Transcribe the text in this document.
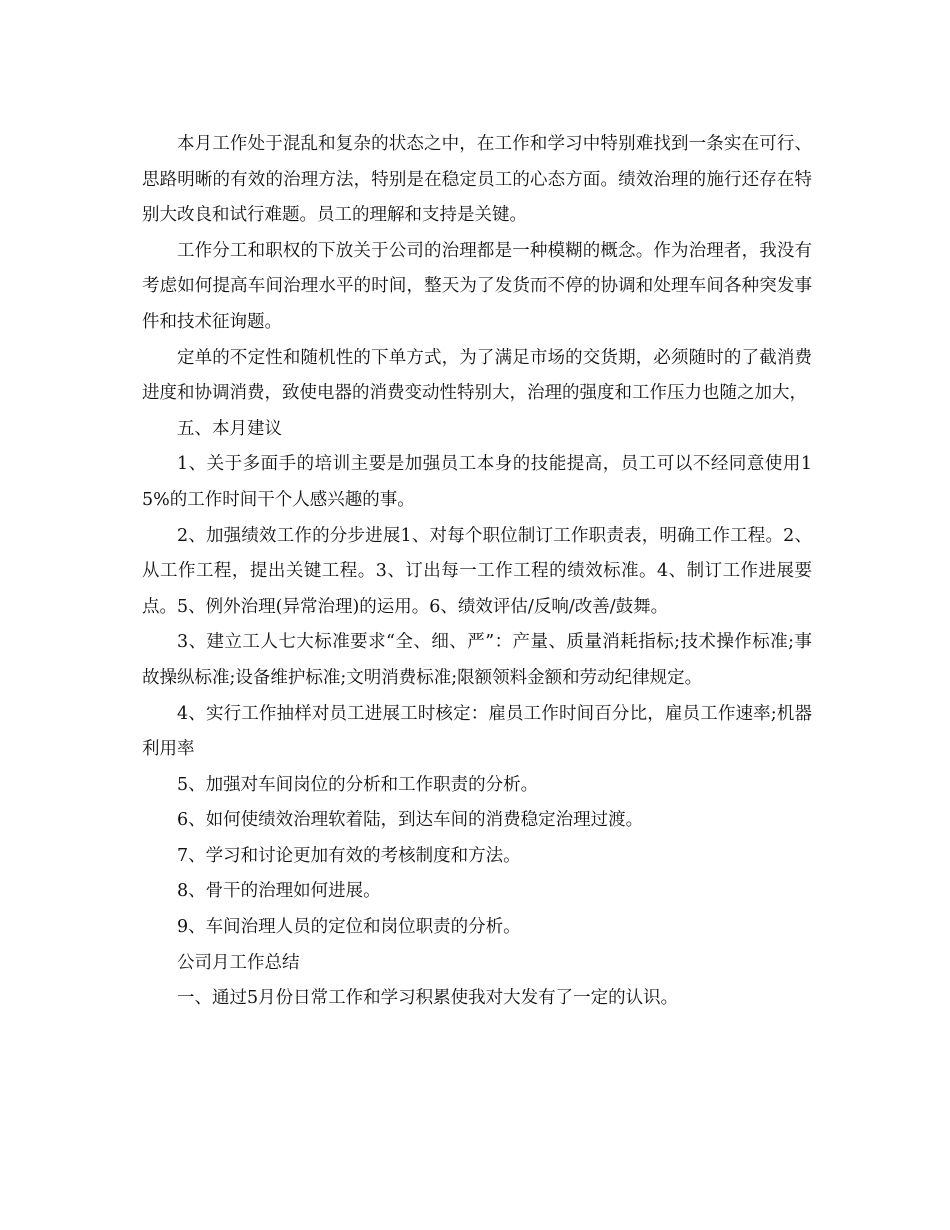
本月工作处于混乱和复杂的状态之中，在工作和学习中特别难找到一条实在可行、思路明晰的有效的治理方法，特别是在稳定员工的心态方面。绩效治理的施行还存在特别大改良和试行难题。员工的理解和支持是关键。

工作分工和职权的下放关于公司的治理都是一种模糊的概念。作为治理者，我没有考虑如何提高车间治理水平的时间，整天为了发货而不停的协调和处理车间各种突发事件和技术征询题。

定单的不定性和随机性的下单方式，为了满足市场的交货期，必须随时的了截消费进度和协调消费，致使电器的消费变动性特别大，治理的强度和工作压力也随之加大，

五、本月建议

1、关于多面手的培训主要是加强员工本身的技能提高，员工可以不经同意使用15%的工作时间干个人感兴趣的事。

2、加强绩效工作的分步进展1、对每个职位制订工作职责表，明确工作工程。2、从工作工程，提出关键工程。3、订出每一工作工程的绩效标准。4、制订工作进展要点。5、例外治理(异常治理)的运用。6、绩效评估/反响/改善/鼓舞。

3、建立工人七大标准要求“全、细、严”：产量、质量消耗指标;技术操作标准;事故操纵标准;设备维护标准;文明消费标准;限额领料金额和劳动纪律规定。

4、实行工作抽样对员工进展工时核定：雇员工作时间百分比，雇员工作速率;机器利用率

5、加强对车间岗位的分析和工作职责的分析。

6、如何使绩效治理软着陆，到达车间的消费稳定治理过渡。

7、学习和讨论更加有效的考核制度和方法。

8、骨干的治理如何进展。

9、车间治理人员的定位和岗位职责的分析。

公司月工作总结

一、通过5月份日常工作和学习积累使我对大发有了一定的认识。
